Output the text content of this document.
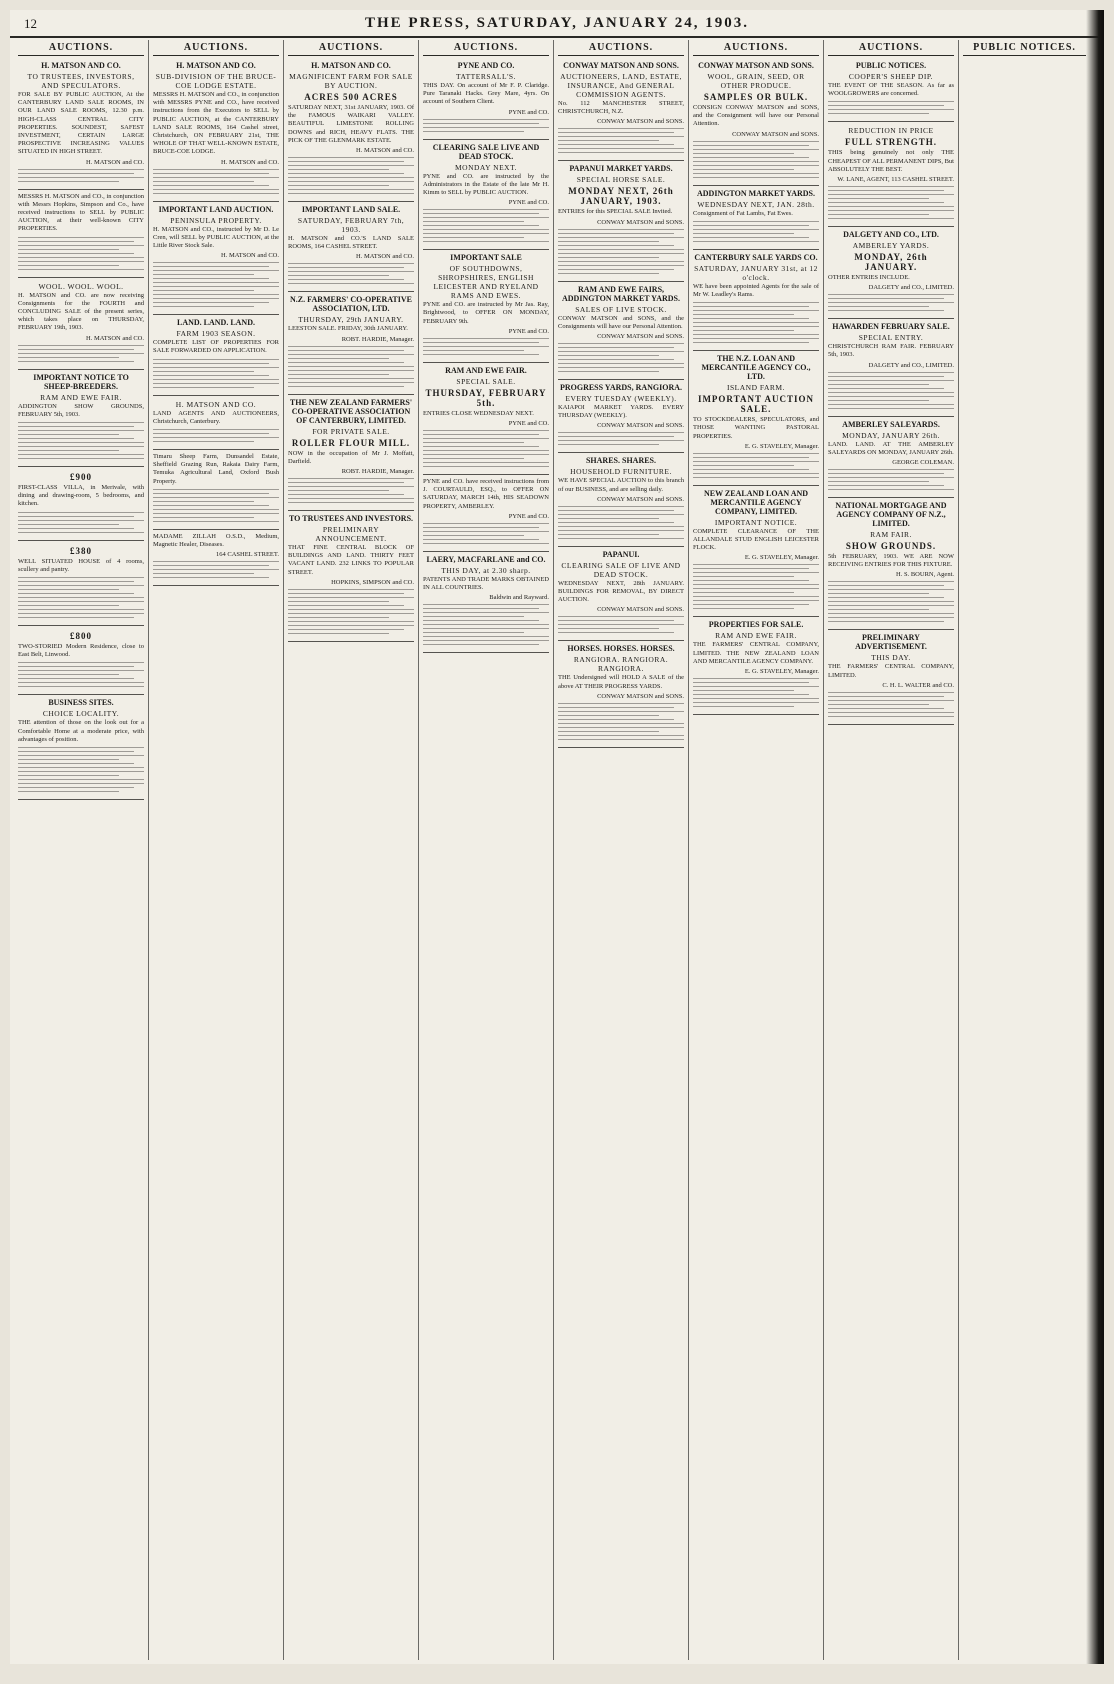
12	THE PRESS, SATURDAY, JANUARY 24, 1903.
AUCTIONS.
H. MATSON AND CO.
TO TRUSTEES, INVESTORS, AND SPECULATORS.
FOR SALE BY PUBLIC AUCTION, At the CANTERBURY LAND SALE ROOMS, IN OUR LAND SALE ROOMS, 12.30 p.m. HIGH-CLASS CENTRAL CITY PROPERTIES. SOUNDEST, SAFEST INVESTMENT, CERTAIN LARGE PROSPECTIVE INCREASING VALUES SITUATED IN HIGH STREET.
H. MATSON and CO.
MESSRS H. MATSON and CO., in conjunction with Messrs Hopkins, Simpson and Co., have received instructions to SELL by PUBLIC AUCTION, at their well-known CITY PROPERTIES.
WOOL. WOOL. WOOL.
H. MATSON and CO. are now receiving Consignments for the FOURTH and CONCLUDING SALE of the present series, which takes place on THURSDAY, FEBRUARY 19th, 1903.
H. MATSON and CO.
IMPORTANT NOTICE TO SHEEP-BREEDERS.
RAM AND EWE FAIR.
ADDINGTON SHOW GROUNDS, FEBRUARY 5th, 1903.
£900
FIRST-CLASS VILLA, in Merivale, with dining and drawing-room, 5 bedrooms, and kitchen.
£380
WELL SITUATED HOUSE of 4 rooms, scullery and pantry.
£800
TWO-STORIED Modern Residence, close to East Belt, Linwood.
BUSINESS SITES.
CHOICE LOCALITY.
THE attention of those on the look out for a Comfortable Home at a moderate price, with advantages of position.
AUCTIONS.
H. MATSON AND CO.
SUB-DIVISION OF THE BRUCE-COE LODGE ESTATE.
MESSRS H. MATSON and CO., in conjunction with MESSRS PYNE and CO., have received instructions from the Executors to SELL by PUBLIC AUCTION, at the CANTERBURY LAND SALE ROOMS, 164 Cashel street, Christchurch, ON FEBRUARY 21st, THE WHOLE OF THAT WELL-KNOWN ESTATE, BRUCE-COE LODGE.
H. MATSON and CO.
IMPORTANT LAND AUCTION.
PENINSULA PROPERTY.
H. MATSON and CO., instructed by Mr D. Le Cren, will SELL by PUBLIC AUCTION, at the Little River Stock Sale.
H. MATSON and CO.
LAND. LAND. LAND.
FARM 1903 SEASON.
COMPLETE LIST OF PROPERTIES FOR SALE FORWARDED ON APPLICATION.
H. MATSON AND CO.
LAND AGENTS AND AUCTIONEERS, Christchurch, Canterbury.
Timaru Sheep Farm, Dunsandel Estate, Sheffield Grazing Run, Rakaia Dairy Farm, Temuka Agricultural Land, Oxford Bush Property.
MADAME ZILLAH O.S.D., Medium, Magnetic Healer, Diseases.
164 CASHEL STREET.
AUCTIONS.
H. MATSON AND CO.
MAGNIFICENT FARM FOR SALE BY AUCTION.
ACRES 500 ACRES
SATURDAY NEXT, 31st JANUARY, 1903. Of the FAMOUS WAIKARI VALLEY. BEAUTIFUL LIMESTONE ROLLING DOWNS and RICH, HEAVY FLATS. THE PICK OF THE GLENMARK ESTATE.
H. MATSON and CO.
IMPORTANT LAND SALE.
SATURDAY, FEBRUARY 7th, 1903.
H. MATSON and CO.'S LAND SALE ROOMS, 164 CASHEL STREET.
H. MATSON and CO.
N.Z. FARMERS' CO-OPERATIVE ASSOCIATION, LTD.
THURSDAY, 29th JANUARY.
LEESTON SALE. FRIDAY, 30th JANUARY.
ROBT. HARDIE, Manager.
THE NEW ZEALAND FARMERS' CO-OPERATIVE ASSOCIATION OF CANTERBURY, LIMITED.
FOR PRIVATE SALE.
ROLLER FLOUR MILL.
NOW in the occupation of Mr J. Moffatt, Darfield.
ROBT. HARDIE, Manager.
TO TRUSTEES AND INVESTORS.
PRELIMINARY ANNOUNCEMENT.
THAT FINE CENTRAL BLOCK OF BUILDINGS AND LAND. THIRTY FEET VACANT LAND. 232 LINKS TO POPULAR STREET.
HOPKINS, SIMPSON and CO.
AUCTIONS.
PYNE AND CO.
TATTERSALL'S.
THIS DAY. On account of Mr F. P. Claridge. Pure Taranaki Hacks. Grey Mare, 4yrs. On account of Southern Client.
PYNE and CO.
CLEARING SALE LIVE AND DEAD STOCK.
MONDAY NEXT.
PYNE and CO. are instructed by the Administrators in the Estate of the late Mr H. Kimm to SELL by PUBLIC AUCTION.
PYNE and CO.
IMPORTANT SALE
OF SOUTHDOWNS, SHROPSHIRES, ENGLISH LEICESTER AND RYELAND RAMS AND EWES.
PYNE and CO. are instructed by Mr Jas. Ray, Brightwood, to OFFER ON MONDAY, FEBRUARY 9th.
PYNE and CO.
RAM AND EWE FAIR.
SPECIAL SALE.
THURSDAY, FEBRUARY 5th.
ENTRIES CLOSE WEDNESDAY NEXT.
PYNE and CO.
PYNE and CO. have received instructions from J. COURTAULD, ESQ., to OFFER ON SATURDAY, MARCH 14th, HIS SEADOWN PROPERTY, AMBERLEY.
PYNE and CO.
LAERY, MACFARLANE and CO.
THIS DAY, at 2.30 sharp.
PATENTS AND TRADE MARKS OBTAINED IN ALL COUNTRIES.
Baldwin and Rayward.
AUCTIONS.
CONWAY MATSON AND SONS.
AUCTIONEERS, LAND, ESTATE, INSURANCE, And GENERAL COMMISSION AGENTS.
No. 112 MANCHESTER STREET, CHRISTCHURCH, N.Z.
CONWAY MATSON and SONS.
PAPANUI MARKET YARDS.
SPECIAL HORSE SALE.
MONDAY NEXT, 26th JANUARY, 1903.
ENTRIES for this SPECIAL SALE Invited.
CONWAY MATSON and SONS.
RAM AND EWE FAIRS, ADDINGTON MARKET YARDS.
SALES OF LIVE STOCK.
CONWAY MATSON and SONS, and the Consignments will have our Personal Attention.
CONWAY MATSON and SONS.
PROGRESS YARDS, RANGIORA.
EVERY TUESDAY (WEEKLY).
KAIAPOI MARKET YARDS. EVERY THURSDAY (WEEKLY).
CONWAY MATSON and SONS.
SHARES. SHARES.
HOUSEHOLD FURNITURE.
WE HAVE SPECIAL AUCTION to this branch of our BUSINESS, and are selling daily.
CONWAY MATSON and SONS.
PAPANUI.
CLEARING SALE OF LIVE AND DEAD STOCK.
WEDNESDAY NEXT, 28th JANUARY. BUILDINGS FOR REMOVAL, BY DIRECT AUCTION.
CONWAY MATSON and SONS.
HORSES. HORSES. HORSES.
RANGIORA. RANGIORA. RANGIORA.
THE Undersigned will HOLD A SALE of the above AT THEIR PROGRESS YARDS.
CONWAY MATSON and SONS.
AUCTIONS.
CONWAY MATSON AND SONS.
WOOL, GRAIN, SEED, OR OTHER PRODUCE.
SAMPLES OR BULK.
CONSIGN CONWAY MATSON and SONS, and the Consignment will have our Personal Attention.
CONWAY MATSON and SONS.
ADDINGTON MARKET YARDS.
WEDNESDAY NEXT, JAN. 28th.
Consignment of Fat Lambs, Fat Ewes.
CANTERBURY SALE YARDS CO.
SATURDAY, JANUARY 31st, at 12 o'clock.
WE have been appointed Agents for the sale of Mr W. Leadley's Rams.
THE N.Z. LOAN AND MERCANTILE AGENCY CO., LTD.
ISLAND FARM.
IMPORTANT AUCTION SALE.
TO STOCKDEALERS, SPECULATORS, and THOSE WANTING PASTORAL PROPERTIES.
E. G. STAVELEY, Manager.
NEW ZEALAND LOAN AND MERCANTILE AGENCY COMPANY, LIMITED.
IMPORTANT NOTICE.
COMPLETE CLEARANCE OF THE ALLANDALE STUD ENGLISH LEICESTER FLOCK.
E. G. STAVELEY, Manager.
PROPERTIES FOR SALE.
RAM AND EWE FAIR.
THE FARMERS' CENTRAL COMPANY, LIMITED. THE NEW ZEALAND LOAN AND MERCANTILE AGENCY COMPANY.
E. G. STAVELEY, Manager.
AUCTIONS.
PUBLIC NOTICES.
COOPER'S SHEEP DIP.
THE EVENT OF THE SEASON. As far as WOOLGROWERS are concerned.
REDUCTION IN PRICE
FULL STRENGTH.
THIS being genuinely not only THE CHEAPEST OF ALL PERMANENT DIPS, But ABSOLUTELY THE BEST.
W. LANE, AGENT, 113 CASHEL STREET.
DALGETY AND CO., LTD.
AMBERLEY YARDS.
MONDAY, 26th JANUARY.
OTHER ENTRIES INCLUDE.
DALGETY and CO., LIMITED.
HAWARDEN FEBRUARY SALE.
SPECIAL ENTRY.
CHRISTCHURCH RAM FAIR. FEBRUARY 5th, 1903.
DALGETY and CO., LIMITED.
AMBERLEY SALEYARDS.
MONDAY, JANUARY 26th.
LAND. LAND. AT THE AMBERLEY SALEYARDS ON MONDAY, JANUARY 26th.
GEORGE COLEMAN.
NATIONAL MORTGAGE AND AGENCY COMPANY OF N.Z., LIMITED.
RAM FAIR.
SHOW GROUNDS.
5th FEBRUARY, 1903. WE ARE NOW RECEIVING ENTRIES FOR THIS FIXTURE.
H. S. BOURN, Agent.
PRELIMINARY ADVERTISEMENT.
THIS DAY.
THE FARMERS' CENTRAL COMPANY, LIMITED.
C. H. L. WALTER and CO.
PUBLIC NOTICES.
